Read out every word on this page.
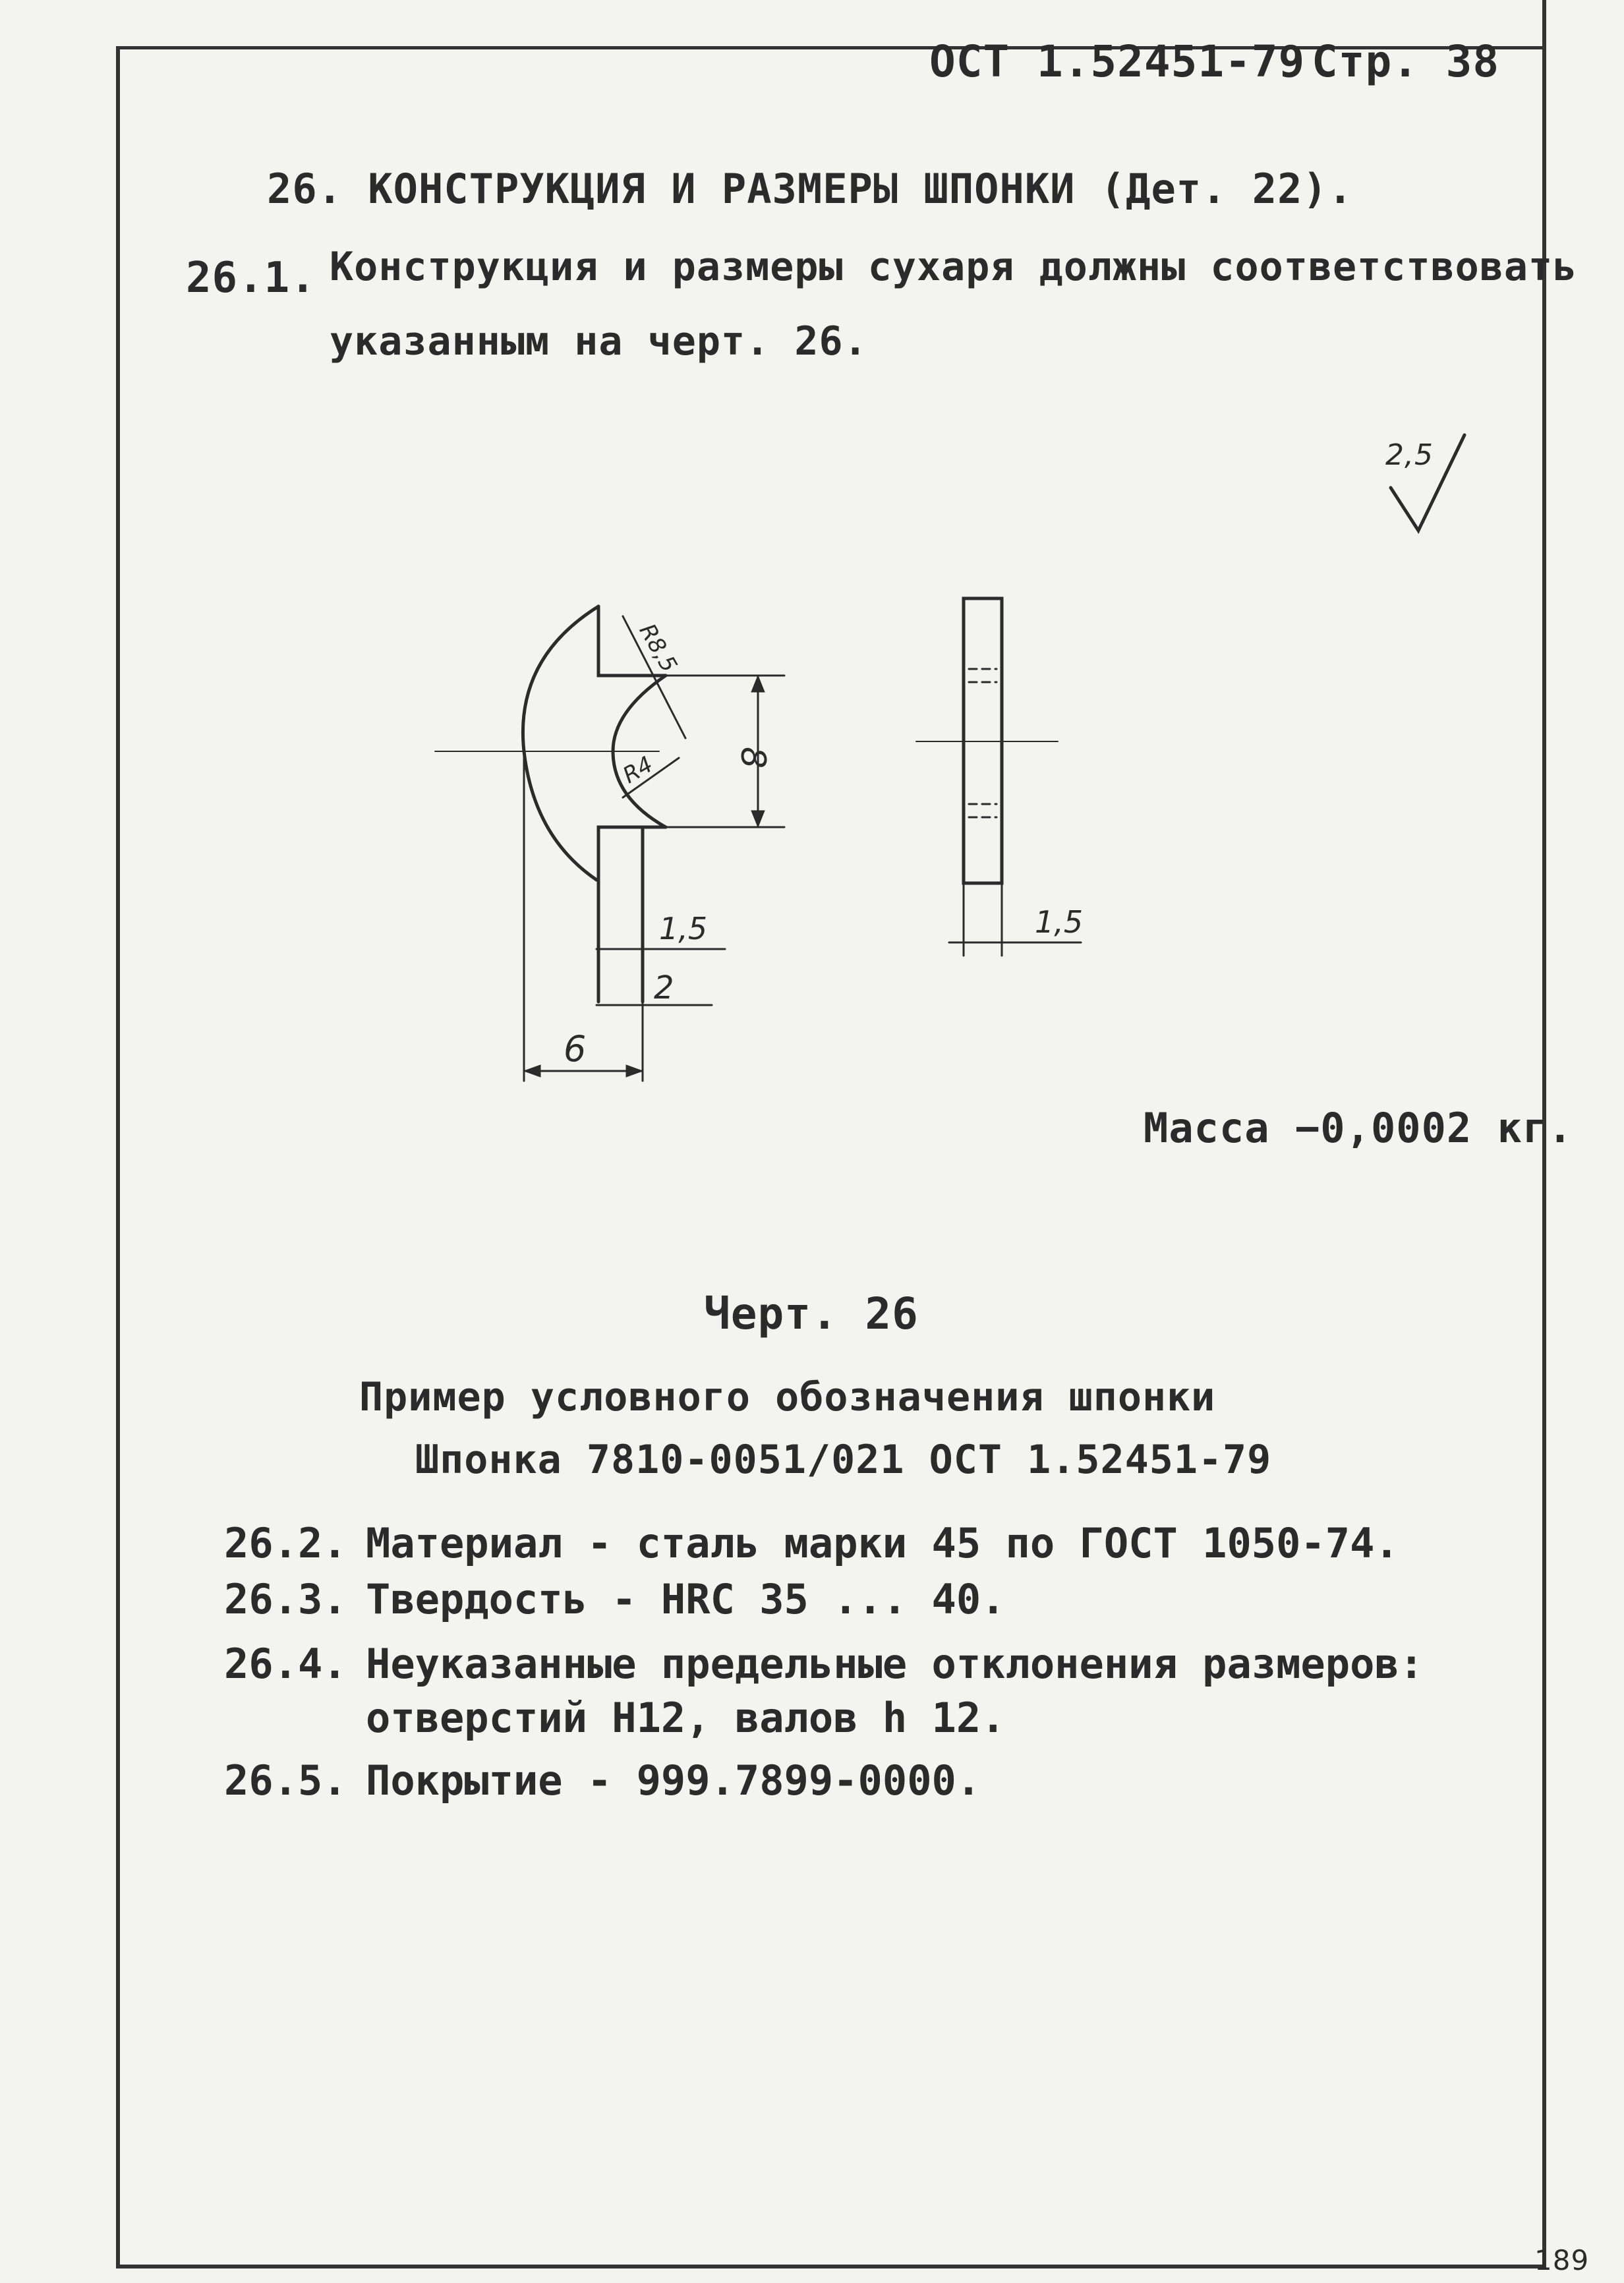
ОСТ 1.52451-79 Стр. 38
26. КОНСТРУКЦИЯ И РАЗМЕРЫ ШПОНКИ (Дет. 22).
26.1. Конструкция и размеры сухаря должны соответствовать
указанным на черт. 26.
2,5
R8,5
R4 8
1,5
2
6
1,5
Масса −0,0002 кг.
Черт. 26
Пример условного обозначения шпонки
Шпонка 7810-0051/021 ОСТ 1.52451-79
26.2. Материал - сталь марки 45 по ГОСТ 1050-74.
26.3. Твердость - HRC 35 ... 40.
26.4. Неуказанные предельные отклонения размеров:
отверстий H12, валов h 12.
26.5. Покрытие - 999.7899-0000.
189
